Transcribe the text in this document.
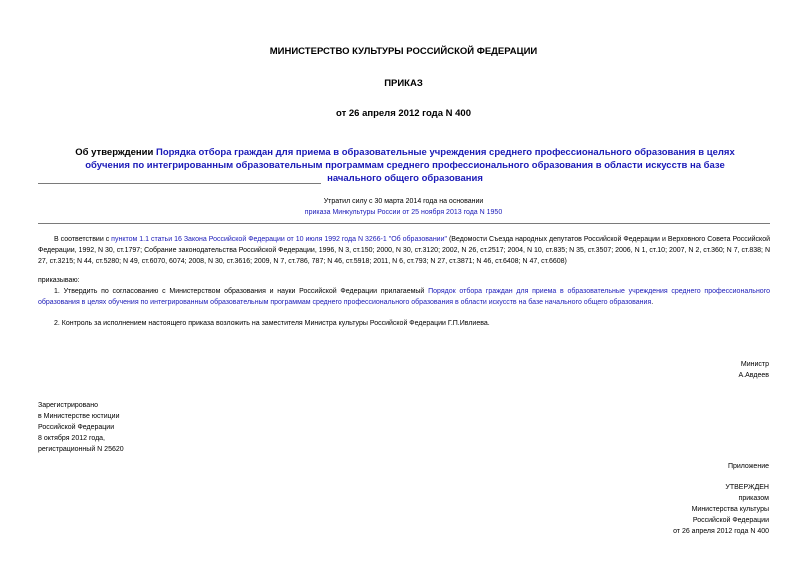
МИНИСТЕРСТВО КУЛЬТУРЫ РОССИЙСКОЙ ФЕДЕРАЦИИ
ПРИКАЗ
от 26 апреля 2012 года N 400
Об утверждении Порядка отбора граждан для приема в образовательные учреждения среднего профессионального образования в целях обучения по интегрированным образовательным программам среднего профессионального образования в области искусств на базе начального общего образования
Утратил силу с 30 марта 2014 года на основании
приказа Минкультуры России от 25 ноября 2013 года N 1950
В соответствии с пунктом 1.1 статьи 16 Закона Российской Федерации от 10 июля 1992 года N 3266-1 "Об образовании" (Ведомости Съезда народных депутатов Российской Федерации и Верховного Совета Российской Федерации, 1992, N 30, ст.1797; Собрание законодательства Российской Федерации, 1996, N 3, ст.150; 2000, N 30, ст.3120; 2002, N 26, ст.2517; 2004, N 10, ст.835; N 35, ст.3507; 2006, N 1, ст.10; 2007, N 2, ст.360; N 7, ст.838; N 27, ст.3215; N 44, ст.5280; N 49, ст.6070, 6074; 2008, N 30, ст.3616; 2009, N 7, ст.786, 787; N 46, ст.5918; 2011, N 6, ст.793; N 27, ст.3871; N 46, ст.6408; N 47, ст.6608)
приказываю:
1. Утвердить по согласованию с Министерством образования и науки Российской Федерации прилагаемый Порядок отбора граждан для приема в образовательные учреждения среднего профессионального образования в целях обучения по интегрированным образовательным программам среднего профессионального образования в области искусств на базе начального общего образования.
2. Контроль за исполнением настоящего приказа возложить на заместителя Министра культуры Российской Федерации Г.П.Ивлиева.
Министр
А.Авдеев
Зарегистрировано
в Министерстве юстиции
Российской Федерации
8 октября 2012 года,
регистрационный N 25620
Приложение
УТВЕРЖДЕН
приказом
Министерства культуры
Российской Федерации
от 26 апреля 2012 года N 400
